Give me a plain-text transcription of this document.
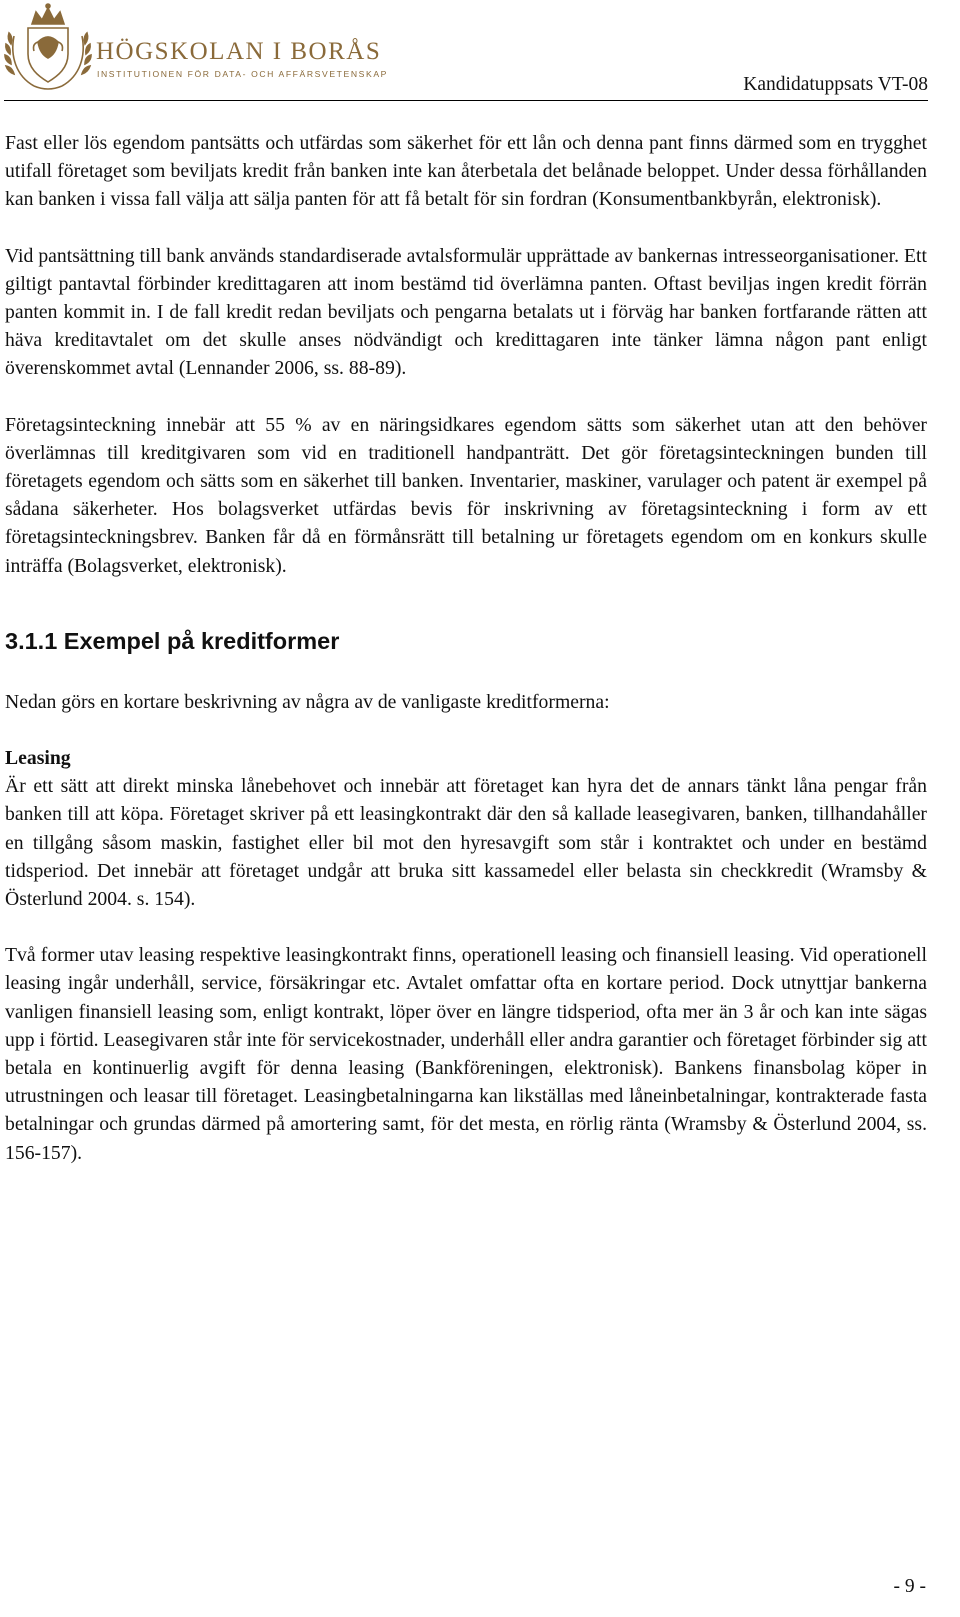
HÖGSKOLAN I BORÅS
INSTITUTIONEN FÖR DATA- OCH AFFÄRSVETENSKAP	Kandidatuppsats VT-08

Fast eller lös egendom pantsätts och utfärdas som säkerhet för ett lån och denna pant finns därmed som en trygghet utifall företaget som beviljats kredit från banken inte kan återbetala det belånade beloppet. Under dessa förhållanden kan banken i vissa fall välja att sälja panten för att få betalt för sin fordran (Konsumentbankbyrån, elektronisk).

Vid pantsättning till bank används standardiserade avtalsformulär upprättade av bankernas intresseorganisationer. Ett giltigt pantavtal förbinder kredittagaren att inom bestämd tid överlämna panten. Oftast beviljas ingen kredit förrän panten kommit in. I de fall kredit redan beviljats och pengarna betalats ut i förväg har banken fortfarande rätten att häva kreditavtalet om det skulle anses nödvändigt och kredittagaren inte tänker lämna någon pant enligt överenskommet avtal (Lennander 2006, ss. 88-89).

Företagsinteckning innebär att 55 % av en näringsidkares egendom sätts som säkerhet utan att den behöver överlämnas till kreditgivaren som vid en traditionell handpanträtt. Det gör företagsinteckningen bunden till företagets egendom och sätts som en säkerhet till banken. Inventarier, maskiner, varulager och patent är exempel på sådana säkerheter. Hos bolagsverket utfärdas bevis för inskrivning av företagsinteckning i form av ett företagsinteckningsbrev. Banken får då en förmånsrätt till betalning ur företagets egendom om en konkurs skulle inträffa (Bolagsverket, elektronisk).

3.1.1 Exempel på kreditformer

Nedan görs en kortare beskrivning av några av de vanligaste kreditformerna:

Leasing

Är ett sätt att direkt minska lånebehovet och innebär att företaget kan hyra det de annars tänkt låna pengar från banken till att köpa. Företaget skriver på ett leasingkontrakt där den så kallade leasegivaren, banken, tillhandahåller en tillgång såsom maskin, fastighet eller bil mot den hyresavgift som står i kontraktet och under en bestämd tidsperiod. Det innebär att företaget undgår att bruka sitt kassamedel eller belasta sin checkkredit (Wramsby & Österlund 2004. s. 154).

Två former utav leasing respektive leasingkontrakt finns, operationell leasing och finansiell leasing. Vid operationell leasing ingår underhåll, service, försäkringar etc. Avtalet omfattar ofta en kortare period. Dock utnyttjar bankerna vanligen finansiell leasing som, enligt kontrakt, löper över en längre tidsperiod, ofta mer än 3 år och kan inte sägas upp i förtid. Leasegivaren står inte för servicekostnader, underhåll eller andra garantier och företaget förbinder sig att betala en kontinuerlig avgift för denna leasing (Bankföreningen, elektronisk). Bankens finansbolag köper in utrustningen och leasar till företaget. Leasingbetalningarna kan likställas med låneinbetalningar, kontrakterade fasta betalningar och grundas därmed på amortering samt, för det mesta, en rörlig ränta (Wramsby & Österlund 2004, ss. 156-157).

- 9 -
